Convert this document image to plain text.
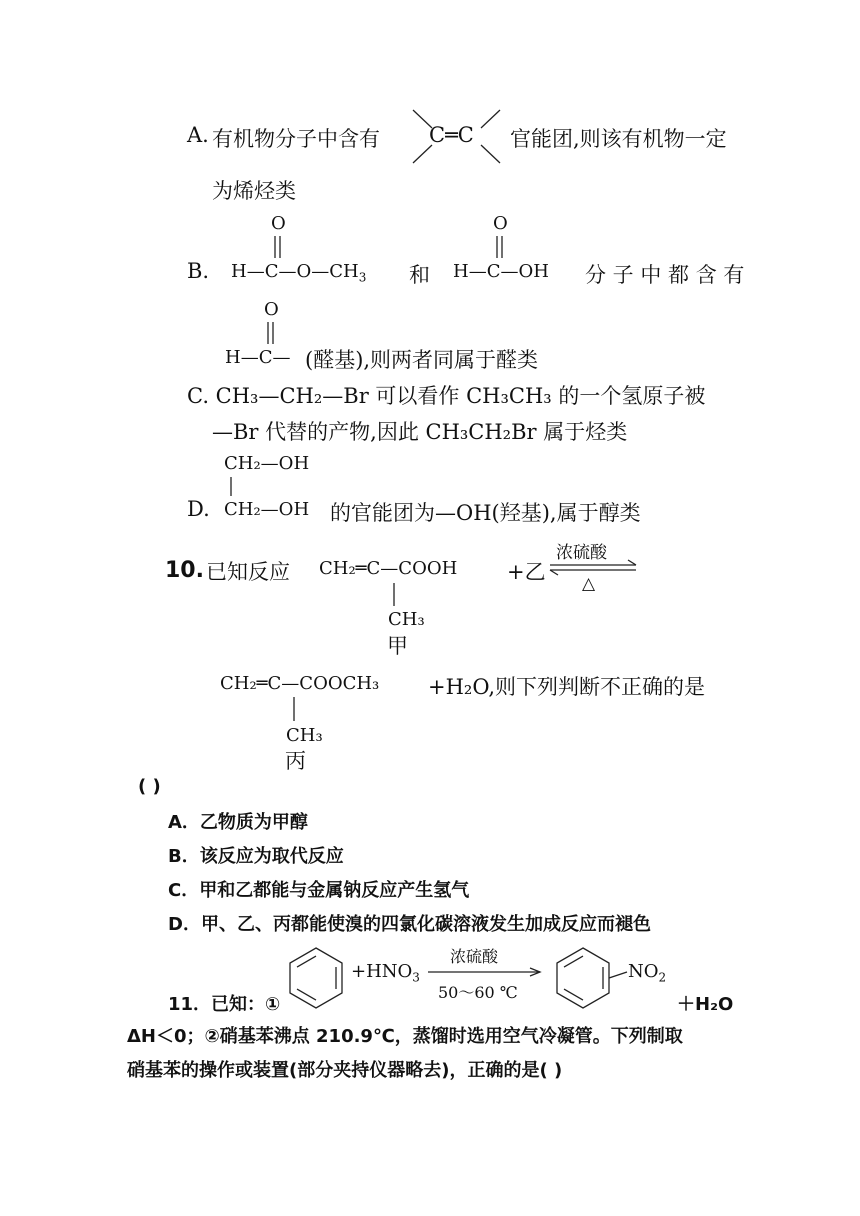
A. 有机物分子中含有 C═C 官能团,则该有机物一定
为烯烃类
O	O
B. $H—C—O—CH_3$ 和 H—C—OH 分 子 中 都 含 有
O
H—C— (醛基),则两者同属于醛类
C. CH₃—CH₂—Br 可以看作 CH₃CH₃ 的一个氢原子被
—Br 代替的产物,因此 CH₃CH₂Br 属于烃类
CH₂—OH
D. CH₂—OH 的官能团为—OH(羟基),属于醇类
10. 已知反应 CH₂═C—COOH +乙
浓硫酸
△
CH₃
甲
CH₂═C—COOCH₃ +H₂O,则下列判断不正确的是
CH₃
丙
( )
A．乙物质为甲醇
B．该反应为取代反应
C．甲和乙都能与金属钠反应产生氢气
D．甲、乙、丙都能使溴的四氯化碳溶液发生加成反应而褪色
11．已知：①
$+HNO_3$
浓硫酸
50～60 ℃
$NO_2$
＋H₂O
ΔH＜0；②硝基苯沸点 210.9℃，蒸馏时选用空气冷凝管。下列制取
硝基苯的操作或装置(部分夹持仪器略去)，正确的是( )
